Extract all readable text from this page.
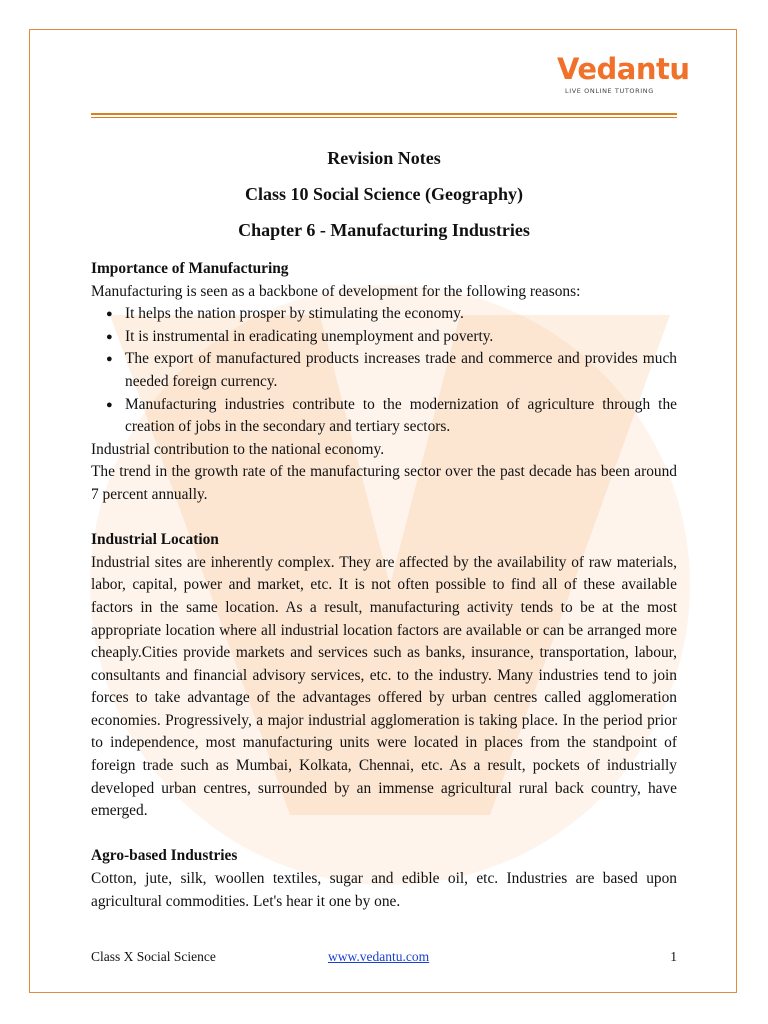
Vedantu
LIVE ONLINE TUTORING
Revision Notes
Class 10 Social Science (Geography)
Chapter 6 - Manufacturing Industries

Importance of Manufacturing

Manufacturing is seen as a backbone of development for the following reasons:

● It helps the nation prosper by stimulating the economy.
● It is instrumental in eradicating unemployment and poverty.
● The export of manufactured products increases trade and commerce and provides much needed foreign currency.
● Manufacturing industries contribute to the modernization of agriculture through the creation of jobs in the secondary and tertiary sectors.

Industrial contribution to the national economy.

The trend in the growth rate of the manufacturing sector over the past decade has been around 7 percent annually.

Industrial Location

Industrial sites are inherently complex. They are affected by the availability of raw materials, labor, capital, power and market, etc. It is not often possible to find all of these available factors in the same location. As a result, manufacturing activity tends to be at the most appropriate location where all industrial location factors are available or can be arranged more cheaply.Cities provide markets and services such as banks, insurance, transportation, labour, consultants and financial advisory services, etc. to the industry. Many industries tend to join forces to take advantage of the advantages offered by urban centres called agglomeration economies. Progressively, a major industrial agglomeration is taking place. In the period prior to independence, most manufacturing units were located in places from the standpoint of foreign trade such as Mumbai, Kolkata, Chennai, etc. As a result, pockets of industrially developed urban centres, surrounded by an immense agricultural rural back country, have emerged.

Agro-based Industries

Cotton, jute, silk, woollen textiles, sugar and edible oil, etc. Industries are based upon agricultural commodities. Let's hear it one by one.

Class X Social Science	www.vedantu.com	1
